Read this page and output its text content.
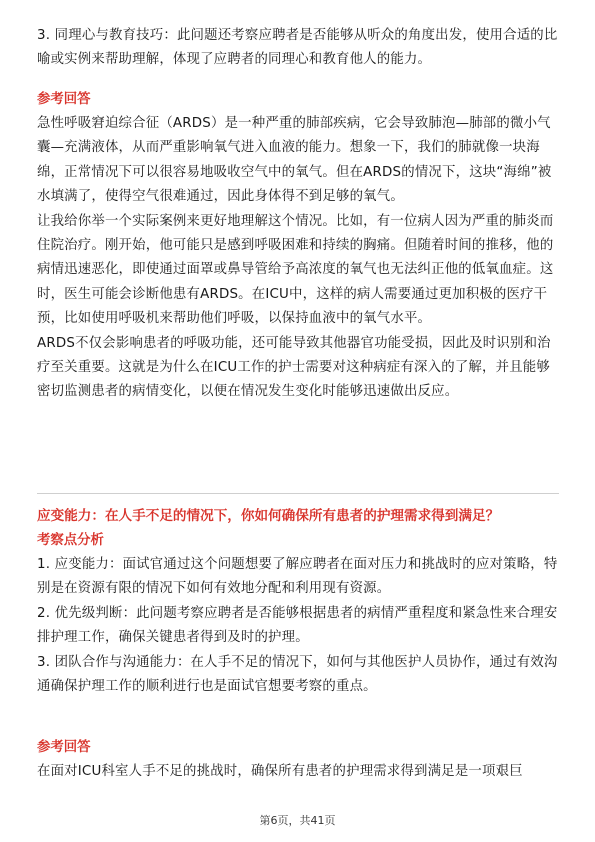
3. 同理心与教育技巧：此问题还考察应聘者是否能够从听众的角度出发，使用合适的比喻或实例来帮助理解，体现了应聘者的同理心和教育他人的能力。

参考回答

急性呼吸窘迫综合征（ARDS）是一种严重的肺部疾病，它会导致肺泡—肺部的微小气囊—充满液体，从而严重影响氧气进入血液的能力。想象一下，我们的肺就像一块海绵，正常情况下可以很容易地吸收空气中的氧气。但在ARDS的情况下，这块“海绵”被水填满了，使得空气很难通过，因此身体得不到足够的氧气。

让我给你举一个实际案例来更好地理解这个情况。比如，有一位病人因为严重的肺炎而住院治疗。刚开始，他可能只是感到呼吸困难和持续的胸痛。但随着时间的推移，他的病情迅速恶化，即使通过面罩或鼻导管给予高浓度的氧气也无法纠正他的低氧血症。这时，医生可能会诊断他患有ARDS。在ICU中，这样的病人需要通过更加积极的医疗干预，比如使用呼吸机来帮助他们呼吸，以保持血液中的氧气水平。

ARDS不仅会影响患者的呼吸功能，还可能导致其他器官功能受损，因此及时识别和治疗至关重要。这就是为什么在ICU工作的护士需要对这种病症有深入的了解，并且能够密切监测患者的病情变化，以便在情况发生变化时能够迅速做出反应。

应变能力：在人手不足的情况下，你如何确保所有患者的护理需求得到满足？

考察点分析

1. 应变能力：面试官通过这个问题想要了解应聘者在面对压力和挑战时的应对策略，特别是在资源有限的情况下如何有效地分配和利用现有资源。

2. 优先级判断：此问题考察应聘者是否能够根据患者的病情严重程度和紧急性来合理安排护理工作，确保关键患者得到及时的护理。

3. 团队合作与沟通能力：在人手不足的情况下，如何与其他医护人员协作，通过有效沟通确保护理工作的顺利进行也是面试官想要考察的重点。

参考回答

在面对ICU科室人手不足的挑战时，确保所有患者的护理需求得到满足是一项艰巨

第6页，共41页
